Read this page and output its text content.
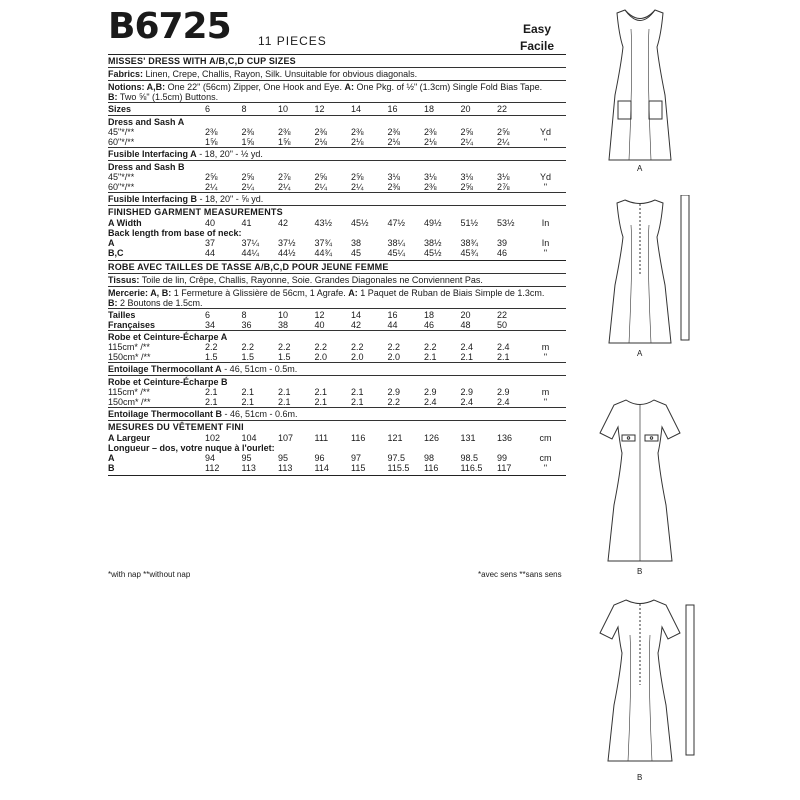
B6725 11 PIECES
Easy
Facile
MISSES' DRESS WITH A/B,C,D CUP SIZES
Fabrics: Linen, Crepe, Challis, Rayon, Silk. Unsuitable for obvious diagonals.
Notions: A,B: One 22" (56cm) Zipper, One Hook and Eye. A: One Pkg. of ½" (1.3cm) Single Fold Bias Tape.
B: Two ⅝" (1.5cm) Buttons.
Sizes	6	8	10	12	14	16	18	20	22
Dress and Sash A
45"*/**	2⅜	2⅜	2⅜	2⅜	2⅜	2⅜	2⅜	2⅝	2⅝	Yd
60"*/**	1⅝	1⅝	1⅝	2⅛	2⅛	2⅛	2⅛	2¼	2¼	"
Fusible Interfacing A - 18, 20" - ½ yd.
Dress and Sash B
45"*/**	2⅝	2⅝	2⅞	2⅝	2⅝	3⅛	3⅛	3⅛	3⅛	Yd
60"*/**	2¼	2¼	2¼	2¼	2¼	2⅜	2⅜	2⅝	2⅞	"
Fusible Interfacing B - 18, 20" - ⅝ yd.
FINISHED GARMENT MEASUREMENTS
A Width	40	41	42	43½	45½	47½	49½	51½	53½	In
Back length from base of neck:
A	37	37¼	37½	37¾	38	38¼	38½	38¾	39	In
B,C	44	44¼	44½	44¾	45	45¼	45½	45¾	46	"
ROBE AVEC TAILLES DE TASSE A/B,C,D POUR JEUNE FEMME
Tissus: Toile de lin, Crêpe, Challis, Rayonne, Soie. Grandes Diagonales ne Conviennent Pas.
Mercerie: A, B: 1 Fermeture à Glissière de 56cm, 1 Agrafe. A: 1 Paquet de Ruban de Biais Simple de 1.3cm.
B: 2 Boutons de 1.5cm.
Tailles	6	8	10	12	14	16	18	20	22
Françaises	34	36	38	40	42	44	46	48	50
Robe et Ceinture-Écharpe A
115cm* /**	2.2	2.2	2.2	2.2	2.2	2.2	2.2	2.4	2.4	m
150cm* /**	1.5	1.5	1.5	2.0	2.0	2.0	2.1	2.1	2.1	"
Entoilage Thermocollant A - 46, 51cm - 0.5m.
Robe et Ceinture-Écharpe B
115cm* /**	2.1	2.1	2.1	2.1	2.1	2.9	2.9	2.9	2.9	m
150cm* /**	2.1	2.1	2.1	2.1	2.1	2.2	2.4	2.4	2.4	"
Entoilage Thermocollant B - 46, 51cm - 0.6m.
MESURES DU VÊTEMENT FINI
A Largeur	102	104	107	111	116	121	126	131	136	cm
Longueur – dos, votre nuque à l'ourlet:
A	94	95	95	96	97	97.5	98	98.5	99	cm
B	112	113	113	114	115	115.5	116	116.5	117	"
*with nap **without nap	*avec sens **sans sens
A
A
B
B
